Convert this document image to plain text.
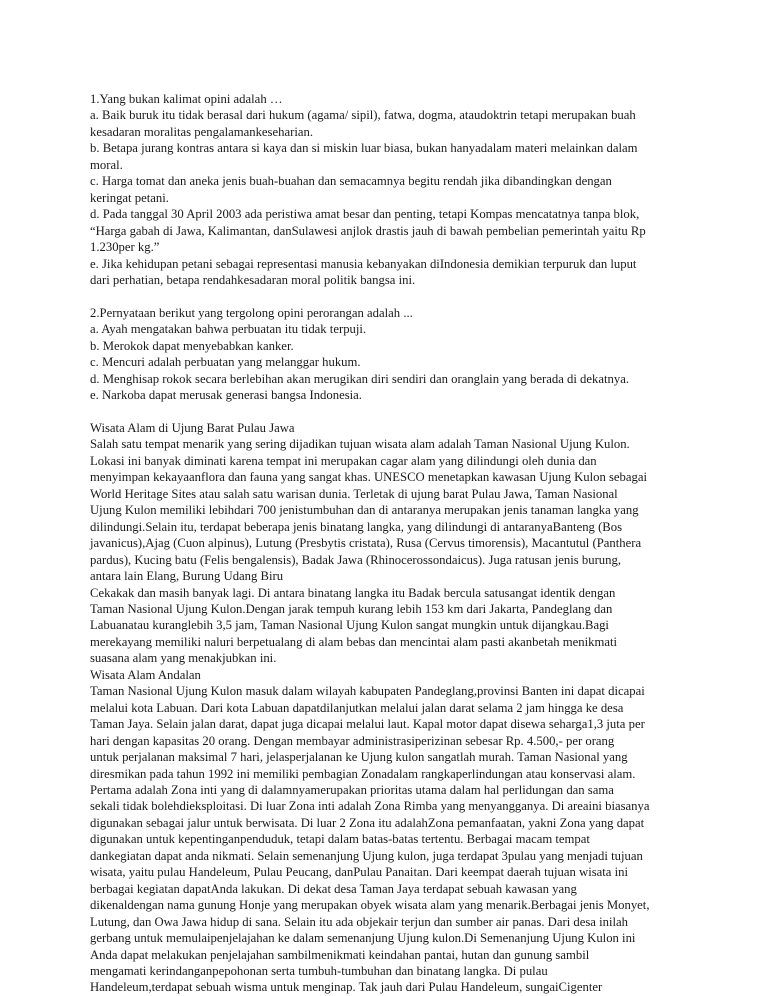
1.Yang bukan kalimat opini adalah …
a. Baik buruk itu tidak berasal dari hukum (agama/ sipil), fatwa, dogma, ataudoktrin tetapi merupakan buah
kesadaran moralitas pengalamankeseharian.
b. Betapa jurang kontras antara si kaya dan si miskin luar biasa, bukan hanyadalam materi melainkan dalam
moral.
c. Harga tomat dan aneka jenis buah-buahan dan semacamnya begitu rendah jika dibandingkan dengan
keringat petani.
d. Pada tanggal 30 April 2003 ada peristiwa amat besar dan penting, tetapi Kompas mencatatnya tanpa blok,
“Harga gabah di Jawa, Kalimantan, danSulawesi anjlok drastis jauh di bawah pembelian pemerintah yaitu Rp
1.230per kg.”
e. Jika kehidupan petani sebagai representasi manusia kebanyakan diIndonesia demikian terpuruk dan luput
dari perhatian, betapa rendahkesadaran moral politik bangsa ini.
2.Pernyataan berikut yang tergolong opini perorangan adalah ...
a. Ayah mengatakan bahwa perbuatan itu tidak terpuji.
b. Merokok dapat menyebabkan kanker.
c. Mencuri adalah perbuatan yang melanggar hukum.
d. Menghisap rokok secara berlebihan akan merugikan diri sendiri dan oranglain yang berada di dekatnya.
e. Narkoba dapat merusak generasi bangsa Indonesia.
Wisata Alam di Ujung Barat Pulau Jawa
Salah satu tempat menarik yang sering dijadikan tujuan wisata alam adalah Taman Nasional Ujung Kulon.
Lokasi ini banyak diminati karena tempat ini merupakan cagar alam yang dilindungi oleh dunia dan
menyimpan kekayaanflora dan fauna yang sangat khas. UNESCO menetapkan kawasan Ujung Kulon sebagai
World Heritage Sites atau salah satu warisan dunia. Terletak di ujung barat Pulau Jawa, Taman Nasional
Ujung Kulon memiliki lebihdari 700 jenistumbuhan dan di antaranya merupakan jenis tanaman langka yang
dilindungi.Selain itu, terdapat beberapa jenis binatang langka, yang dilindungi di antaranyaBanteng (Bos
javanicus),Ajag (Cuon alpinus), Lutung (Presbytis cristata), Rusa (Cervus timorensis), Macantutul (Panthera
pardus), Kucing batu (Felis bengalensis), Badak Jawa (Rhinocerossondaicus). Juga ratusan jenis burung,
antara lain Elang, Burung Udang Biru
Cekakak dan masih banyak lagi. Di antara binatang langka itu Badak bercula satusangat identik dengan
Taman Nasional Ujung Kulon.Dengan jarak tempuh kurang lebih 153 km dari Jakarta, Pandeglang dan
Labuanatau kuranglebih 3,5 jam, Taman Nasional Ujung Kulon sangat mungkin untuk dijangkau.Bagi
merekayang memiliki naluri berpetualang di alam bebas dan mencintai alam pasti akanbetah menikmati
suasana alam yang menakjubkan ini.
Wisata Alam Andalan
Taman Nasional Ujung Kulon masuk dalam wilayah kabupaten Pandeglang,provinsi Banten ini dapat dicapai
melalui kota Labuan. Dari kota Labuan dapatdilanjutkan melalui jalan darat selama 2 jam hingga ke desa
Taman Jaya. Selain jalan darat, dapat juga dicapai melalui laut. Kapal motor dapat disewa seharga1,3 juta per
hari dengan kapasitas 20 orang. Dengan membayar administrasiperizinan sebesar Rp. 4.500,- per orang
untuk perjalanan maksimal 7 hari, jelasperjalanan ke Ujung kulon sangatlah murah. Taman Nasional yang
diresmikan pada tahun 1992 ini memiliki pembagian Zonadalam rangkaperlindungan atau konservasi alam.
Pertama adalah Zona inti yang di dalamnyamerupakan prioritas utama dalam hal perlidungan dan sama
sekali tidak bolehdieksploitasi. Di luar Zona inti adalah Zona Rimba yang menyangganya. Di areaini biasanya
digunakan sebagai jalur untuk berwisata. Di luar 2 Zona itu adalahZona pemanfaatan, yakni Zona yang dapat
digunakan untuk kepentinganpenduduk, tetapi dalam batas-batas tertentu. Berbagai macam tempat
dankegiatan dapat anda nikmati. Selain semenanjung Ujung kulon, juga terdapat 3pulau yang menjadi tujuan
wisata, yaitu pulau Handeleum, Pulau Peucang, danPulau Panaitan. Dari keempat daerah tujuan wisata ini
berbagai kegiatan dapatAnda lakukan. Di dekat desa Taman Jaya terdapat sebuah kawasan yang
dikenaldengan nama gunung Honje yang merupakan obyek wisata alam yang menarik.Berbagai jenis Monyet,
Lutung, dan Owa Jawa hidup di sana. Selain itu ada objekair terjun dan sumber air panas. Dari desa inilah
gerbang untuk memulaipenjelajahan ke dalam semenanjung Ujung kulon.Di Semenanjung Ujung Kulon ini
Anda dapat melakukan penjelajahan sambilmenikmati keindahan pantai, hutan dan gunung sambil
mengamati kerindanganpepohonan serta tumbuh-tumbuhan dan binatang langka. Di pulau
Handeleum,terdapat sebuah wisma untuk menginap. Tak jauh dari Pulau Handeleum, sungaiCigenter
